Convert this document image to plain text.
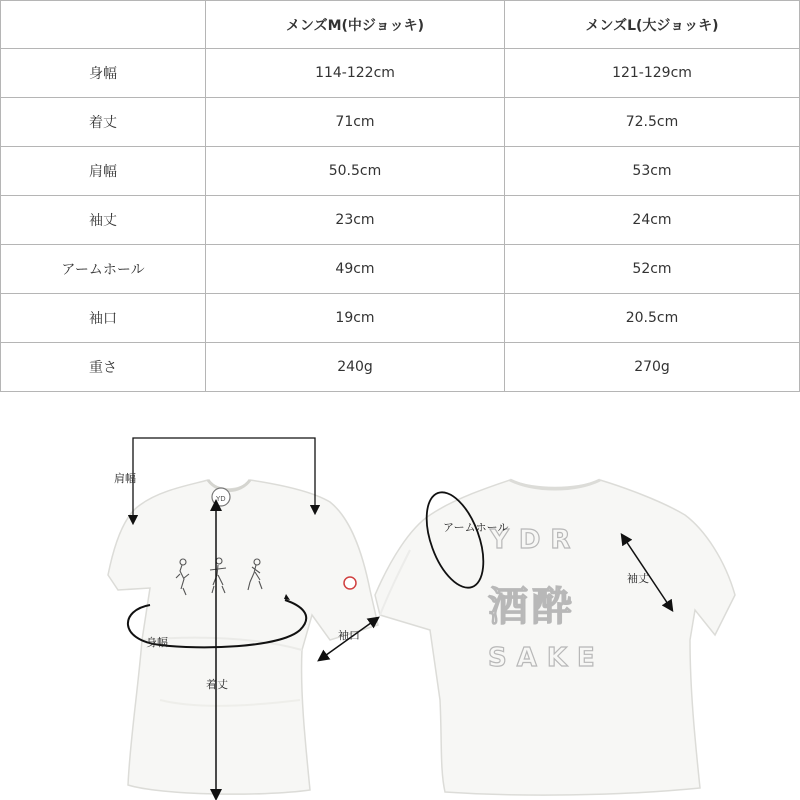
	メンズM(中ジョッキ)	メンズL(大ジョッキ)
身幅	114-122cm	121-129cm
着丈	71cm	72.5cm
肩幅	50.5cm	53cm
袖丈	23cm	24cm
アームホール	49cm	52cm
袖口	19cm	20.5cm
重さ	240g	270g
YD
YDR
酒酔
SAKE
肩幅
身幅
着丈
袖口
アームホール
袖丈
